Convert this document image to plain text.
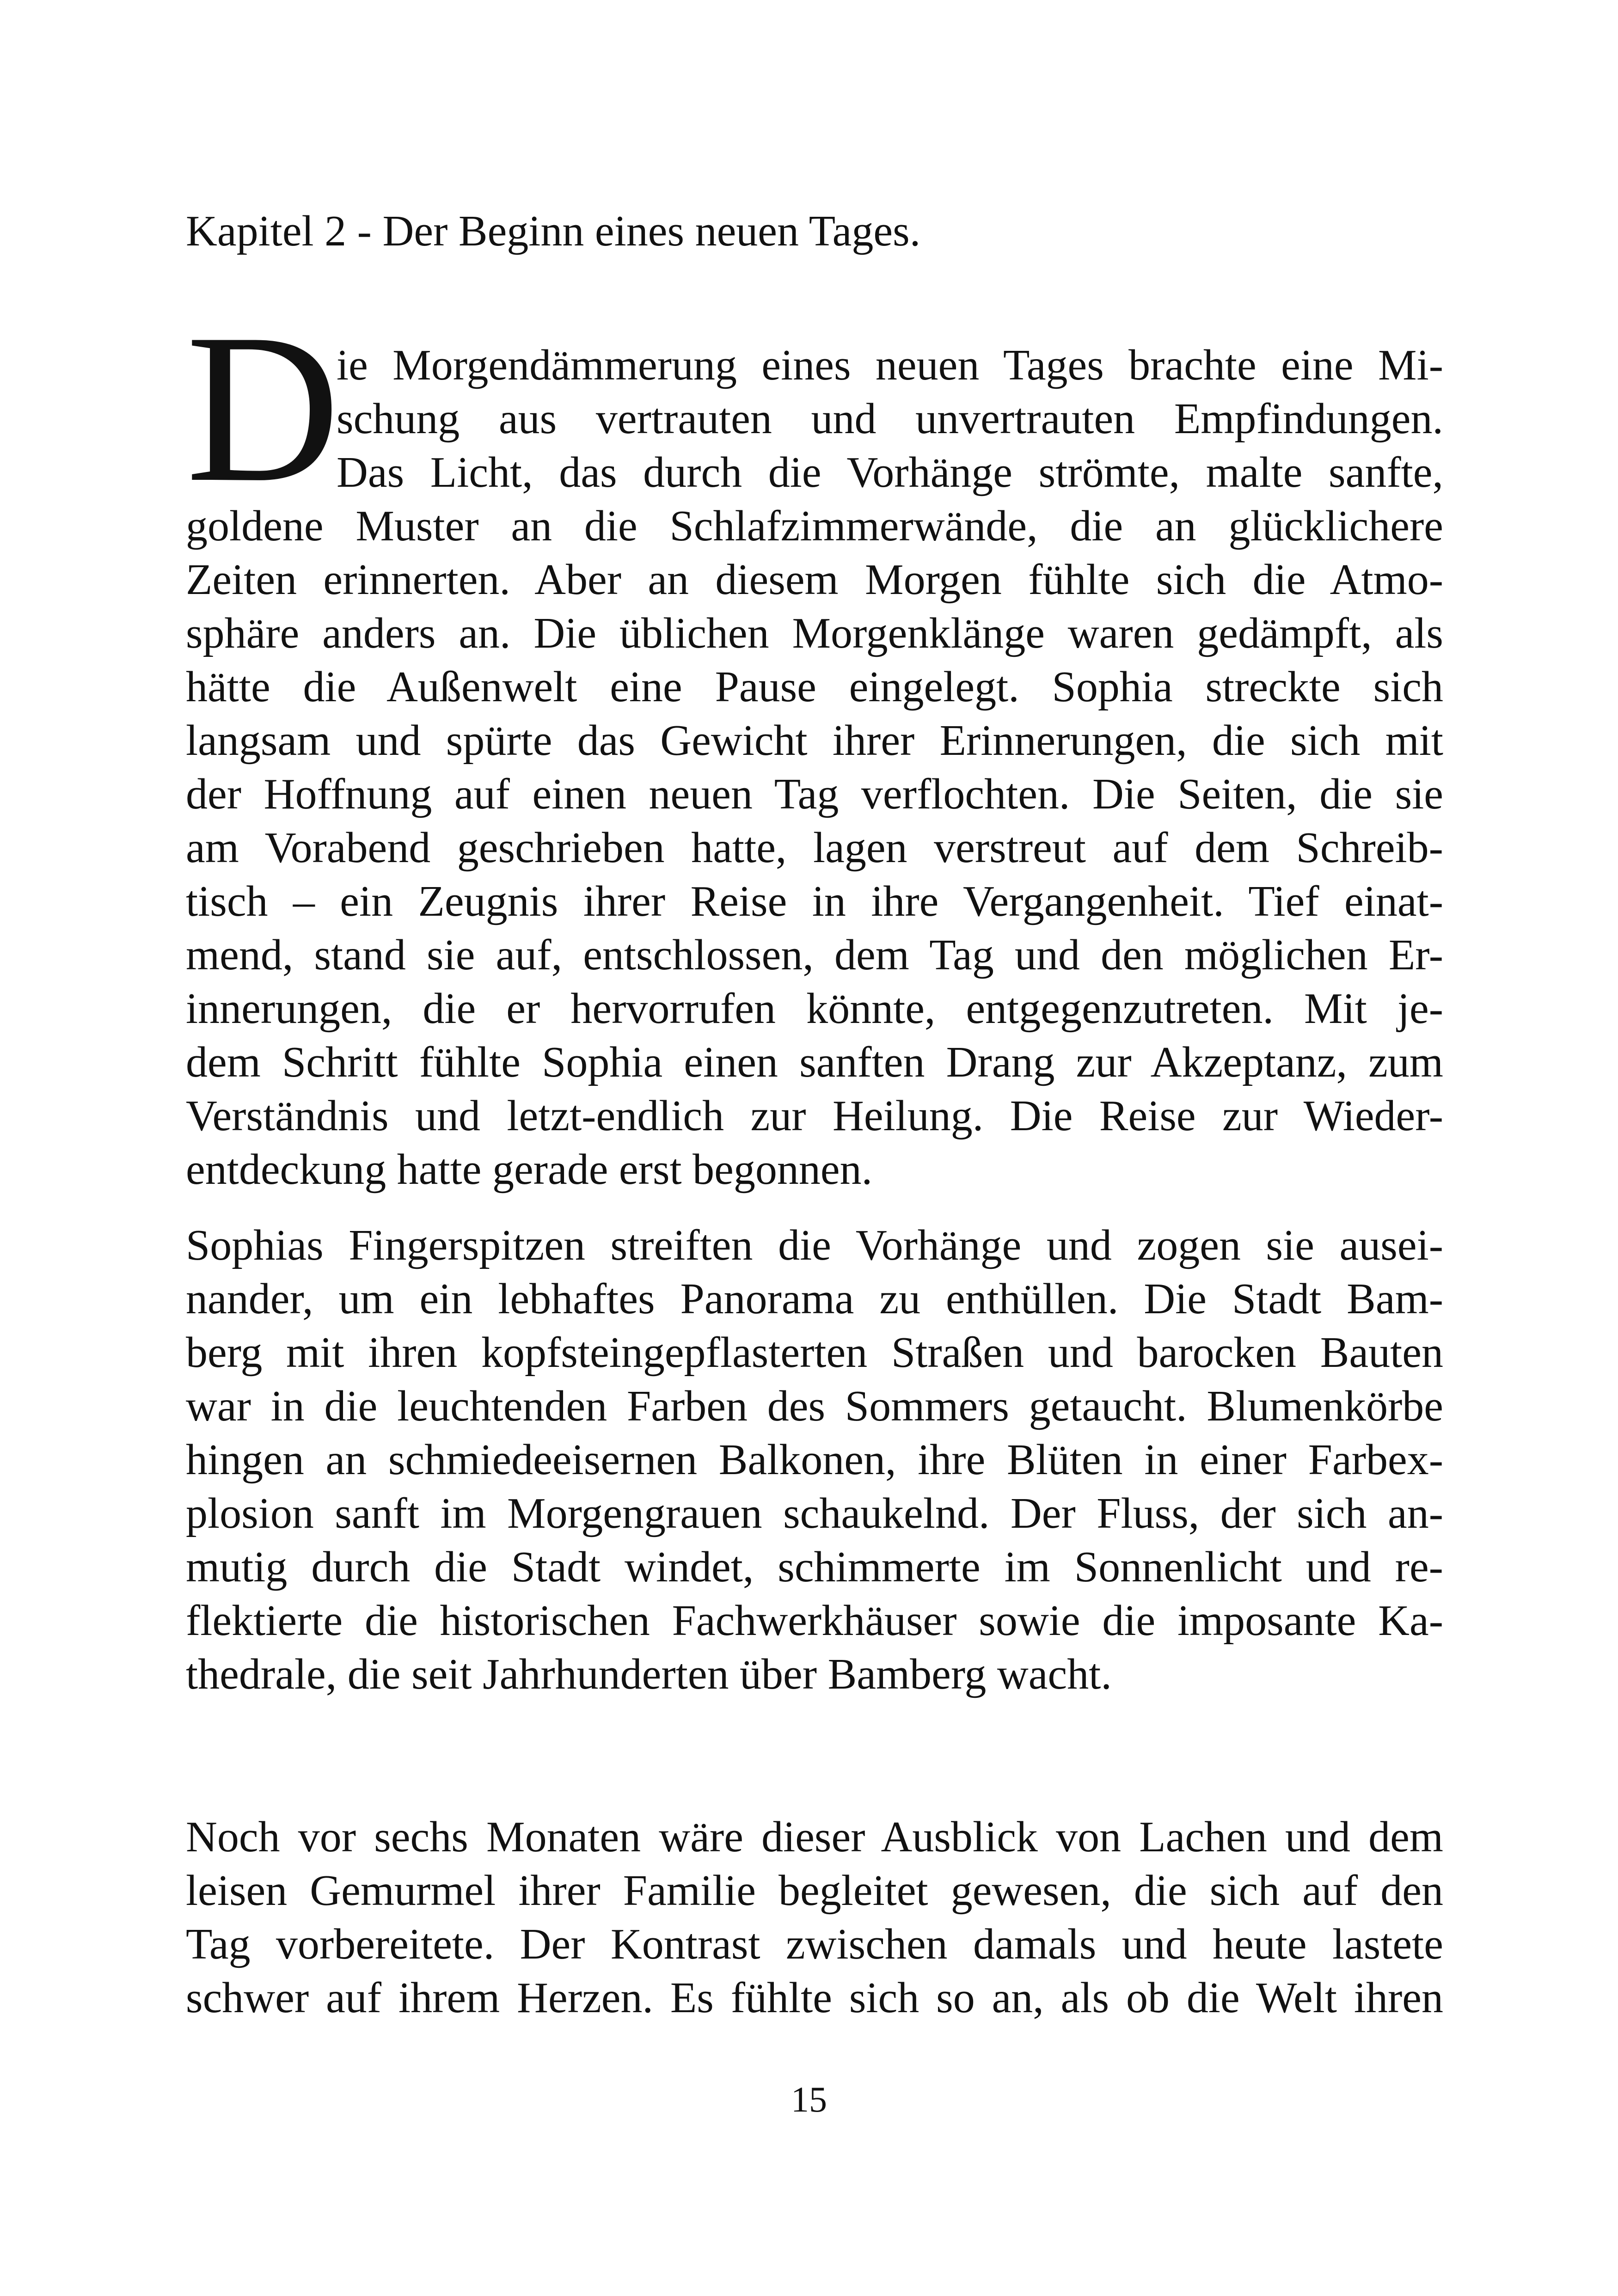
Kapitel 2 - Der Beginn eines neuen Tages.
D
ie Morgendämmerung eines neuen Tages brachte eine Mi-
schung aus vertrauten und unvertrauten Empfindungen.
Das Licht, das durch die Vorhänge strömte, malte sanfte,
goldene Muster an die Schlafzimmerwände, die an glücklichere
Zeiten erinnerten. Aber an diesem Morgen fühlte sich die Atmo-
sphäre anders an. Die üblichen Morgenklänge waren gedämpft, als
hätte die Außenwelt eine Pause eingelegt. Sophia streckte sich
langsam und spürte das Gewicht ihrer Erinnerungen, die sich mit
der Hoffnung auf einen neuen Tag verflochten. Die Seiten, die sie
am Vorabend geschrieben hatte, lagen verstreut auf dem Schreib-
tisch – ein Zeugnis ihrer Reise in ihre Vergangenheit. Tief einat-
mend, stand sie auf, entschlossen, dem Tag und den möglichen Er-
innerungen, die er hervorrufen könnte, entgegenzutreten. Mit je-
dem Schritt fühlte Sophia einen sanften Drang zur Akzeptanz, zum
Verständnis und letzt-endlich zur Heilung. Die Reise zur Wieder-
entdeckung hatte gerade erst begonnen.
Sophias Fingerspitzen streiften die Vorhänge und zogen sie ausei-
nander, um ein lebhaftes Panorama zu enthüllen. Die Stadt Bam-
berg mit ihren kopfsteingepflasterten Straßen und barocken Bauten
war in die leuchtenden Farben des Sommers getaucht. Blumenkörbe
hingen an schmiedeeisernen Balkonen, ihre Blüten in einer Farbex-
plosion sanft im Morgengrauen schaukelnd. Der Fluss, der sich an-
mutig durch die Stadt windet, schimmerte im Sonnenlicht und re-
flektierte die historischen Fachwerkhäuser sowie die imposante Ka-
thedrale, die seit Jahrhunderten über Bamberg wacht.
Noch vor sechs Monaten wäre dieser Ausblick von Lachen und dem
leisen Gemurmel ihrer Familie begleitet gewesen, die sich auf den
Tag vorbereitete. Der Kontrast zwischen damals und heute lastete
schwer auf ihrem Herzen. Es fühlte sich so an, als ob die Welt ihren
15
